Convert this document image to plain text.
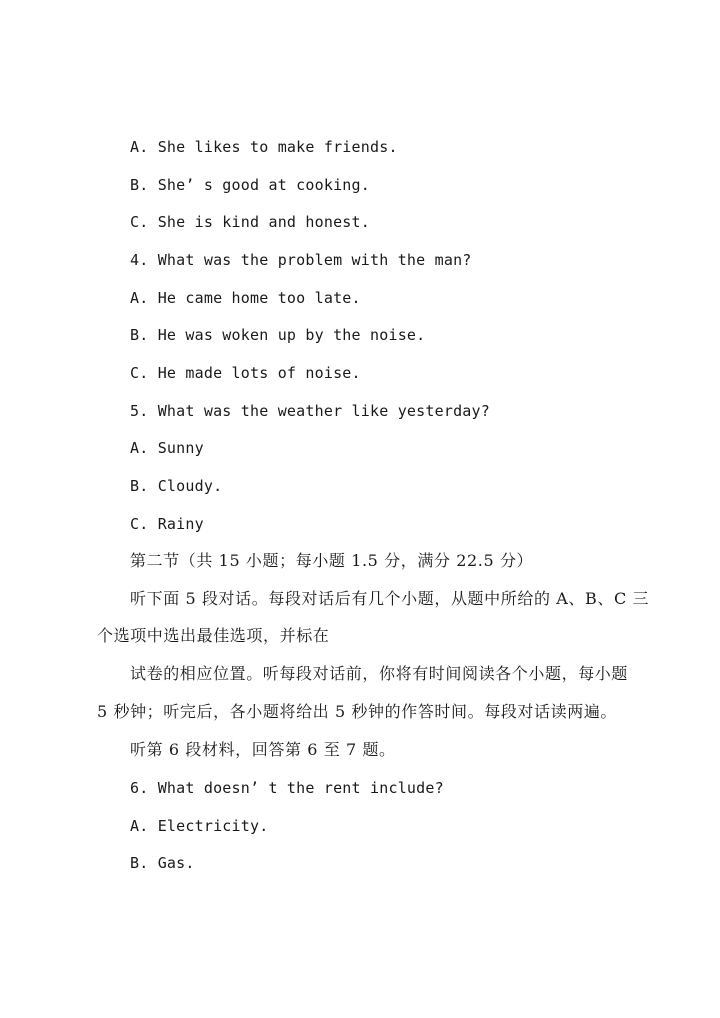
A. She likes to make friends.
B. She’ s good at cooking.
C. She is kind and honest.
4. What was the problem with the man?
A. He came home too late.
B. He was woken up by the noise.
C. He made lots of noise.
5. What was the weather like yesterday?
A. Sunny
B. Cloudy.
C. Rainy
第二节（共 15 小题；每小题 1.5 分，满分 22.5 分）
听下面 5 段对话。每段对话后有几个小题，从题中所给的 A、B、C 三
个选项中选出最佳选项，并标在
试卷的相应位置。听每段对话前，你将有时间阅读各个小题，每小题
5 秒钟；听完后，各小题将给出 5 秒钟的作答时间。每段对话读两遍。
听第 6 段材料，回答第 6 至 7 题。
6. What doesn’ t the rent include?
A. Electricity.
B. Gas.
